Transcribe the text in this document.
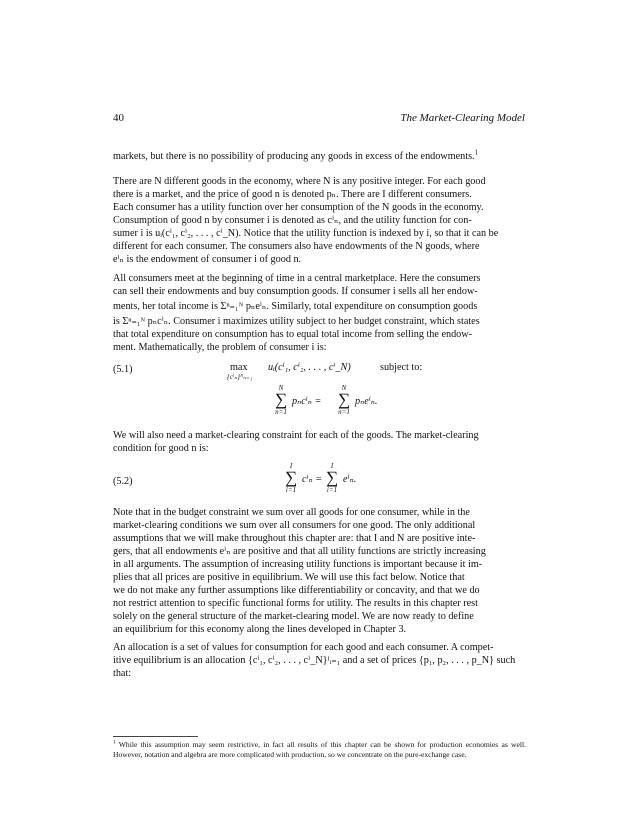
40	The Market-Clearing Model

markets, but there is no possibility of producing any goods in excess of the endowments.$^1$

There are N different goods in the economy, where N is any positive integer. For each good
there is a market, and the price of good n is denoted pₙ. There are I different consumers.
Each consumer has a utility function over her consumption of the N goods in the economy.
Consumption of good n by consumer i is denoted as cⁱₙ, and the utility function for con-
sumer i is uᵢ(cⁱ₁, cⁱ₂, . . . , cⁱ_N). Notice that the utility function is indexed by i, so that it can be
different for each consumer. The consumers also have endowments of the N goods, where
eⁱₙ is the endowment of consumer i of good n.
All consumers meet at the beginning of time in a central marketplace. Here the consumers
can sell their endowments and buy consumption goods. If consumer i sells all her endow-
ments, her total income is Σⁿ₌₁ᴺ pₙeⁱₙ. Similarly, total expenditure on consumption goods
is Σⁿ₌₁ᴺ pₙcⁱₙ. Consumer i maximizes utility subject to her budget constraint, which states
that total expenditure on consumption has to equal total income from selling the endow-
ment. Mathematically, the problem of consumer i is:
(5.1)	max
{cⁱₙ}ᴺₙ₌₁
uᵢ(cⁱ₁, cⁱ₂, . . . , cⁱ_N)	subject to:
N
∑
n=1
pₙcⁱₙ =
N
∑
n=1
pₙeⁱₙ.
We will also need a market-clearing constraint for each of the goods. The market-clearing
condition for good n is:
(5.2)
I
∑
i=1
cⁱₙ =
I
∑
i=1
eⁱₙ.
Note that in the budget constraint we sum over all goods for one consumer, while in the
market-clearing conditions we sum over all consumers for one good. The only additional
assumptions that we will make throughout this chapter are: that I and N are positive inte-
gers, that all endowments eⁱₙ are positive and that all utility functions are strictly increasing
in all arguments. The assumption of increasing utility functions is important because it im-
plies that all prices are positive in equilibrium. We will use this fact below. Notice that
we do not make any further assumptions like differentiability or concavity, and that we do
not restrict attention to specific functional forms for utility. The results in this chapter rest
solely on the general structure of the market-clearing model. We are now ready to define
an equilibrium for this economy along the lines developed in Chapter 3.
An allocation is a set of values for consumption for each good and each consumer. A compet-
itive equilibrium is an allocation {cⁱ₁, cⁱ₂, . . . , cⁱ_N}ᴵᵢ₌₁ and a set of prices {p₁, p₂, . . . , p_N} such
that:
$^1$ While this assumption may seem restrictive, in fact all results of this chapter can be shown for production economies as well. However, notation and algebra are more complicated with production, so we concentrate on the pure-exchange case.
